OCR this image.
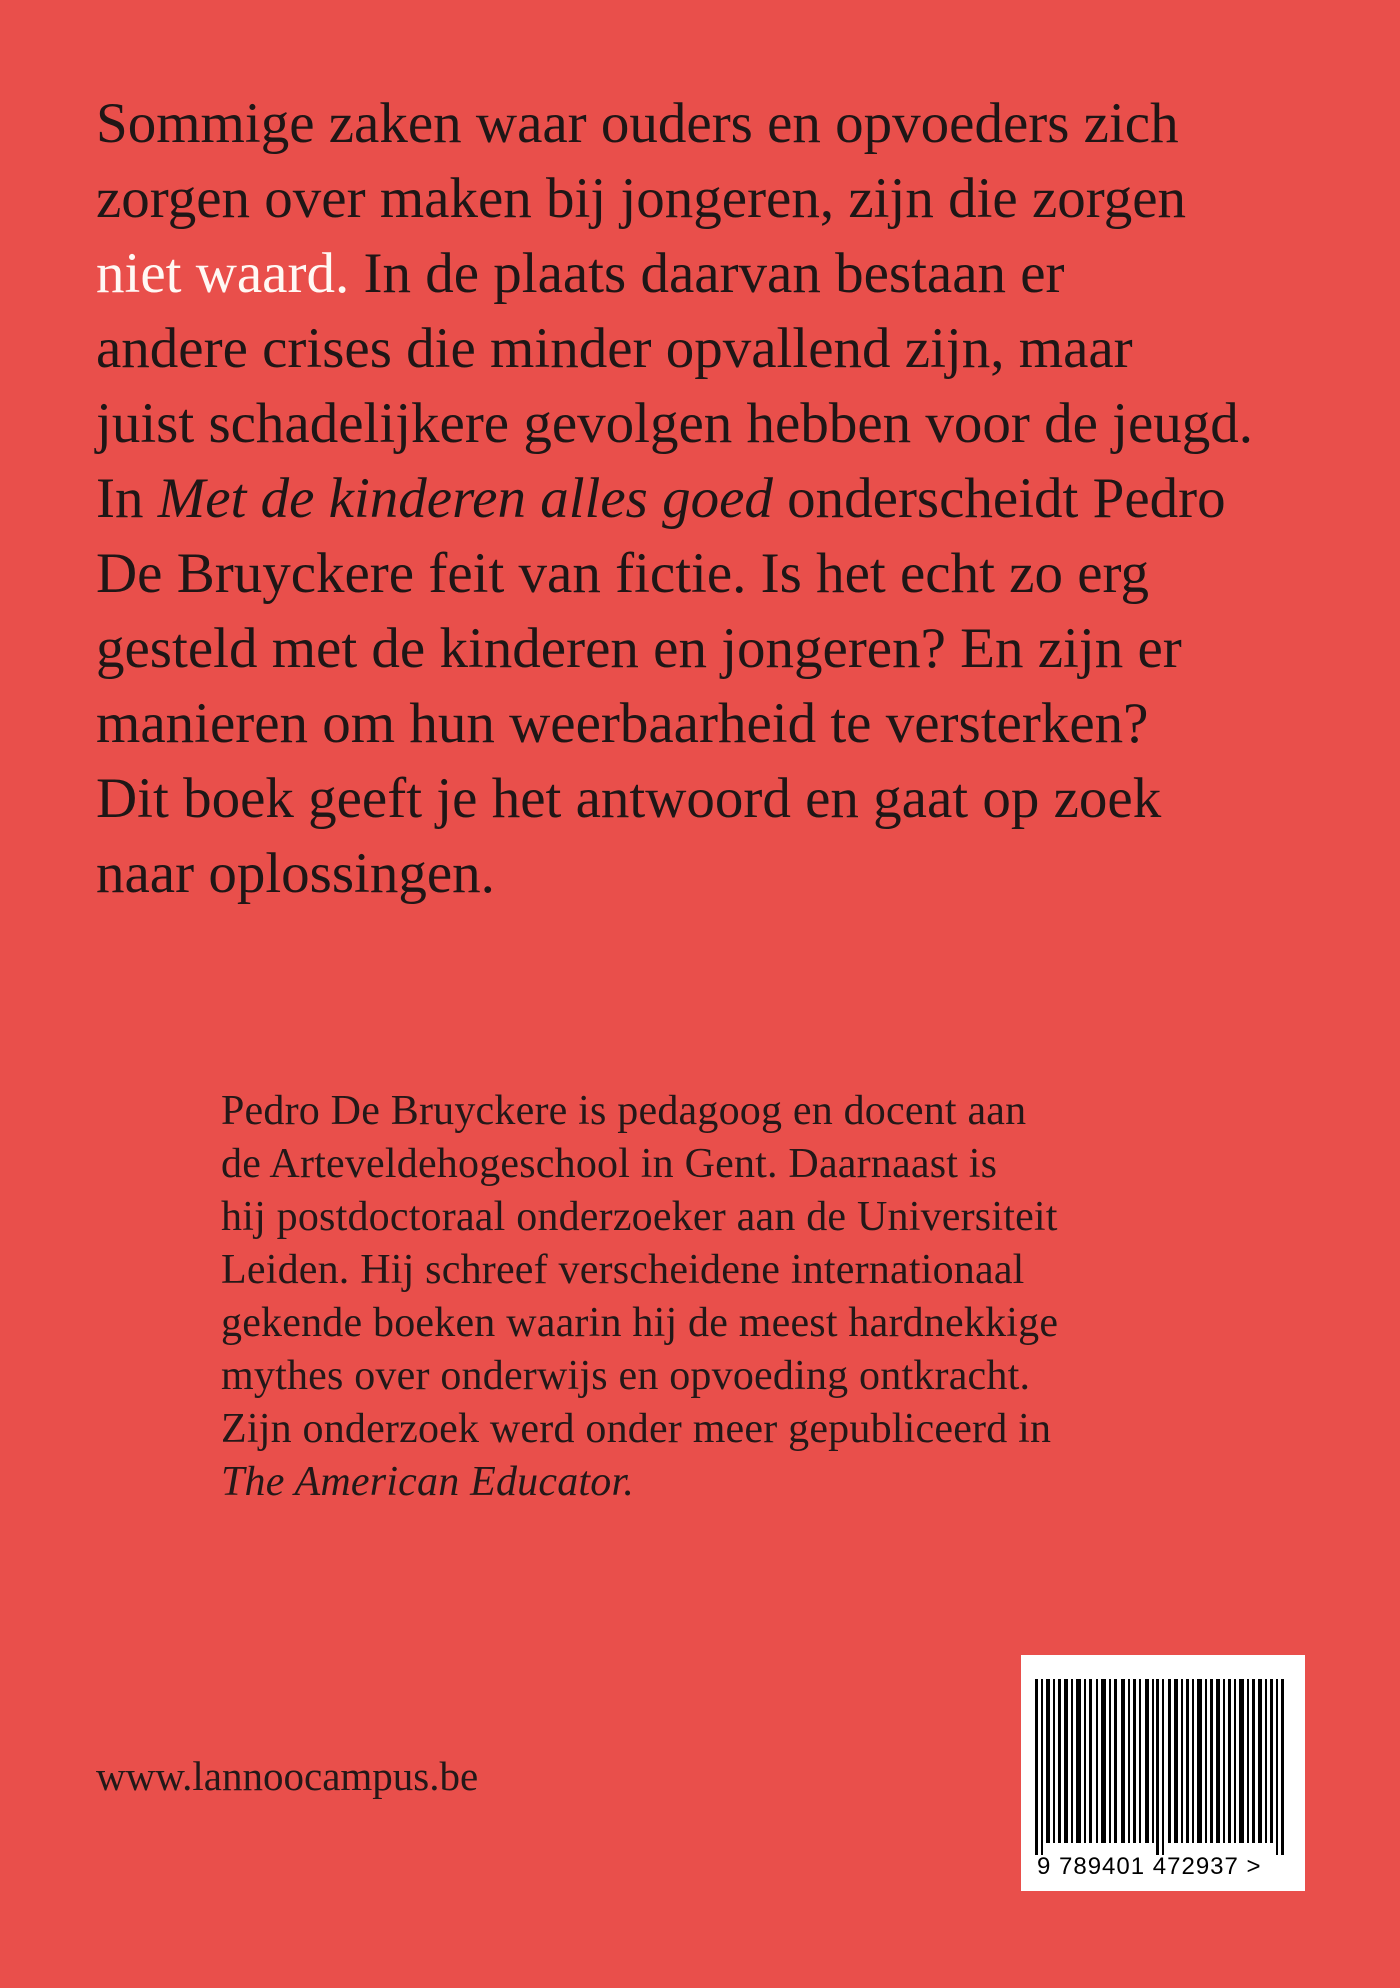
Sommige zaken waar ouders en opvoeders zich
zorgen over maken bij jongeren, zijn die zorgen
niet waard. In de plaats daarvan bestaan er
andere crises die minder opvallend zijn, maar
juist schadelijkere gevolgen hebben voor de jeugd.
In Met de kinderen alles goed onderscheidt Pedro
De Bruyckere feit van fictie. Is het echt zo erg
gesteld met de kinderen en jongeren? En zijn er
manieren om hun weerbaarheid te versterken?
Dit boek geeft je het antwoord en gaat op zoek
naar oplossingen.
Pedro De Bruyckere is pedagoog en docent aan
de Arteveldehogeschool in Gent. Daarnaast is
hij postdoctoraal onderzoeker aan de Universiteit
Leiden. Hij schreef verscheidene internationaal
gekende boeken waarin hij de meest hardnekkige
mythes over onderwijs en opvoeding ontkracht.
Zijn onderzoek werd onder meer gepubliceerd in
The American Educator.
www.lannoocampus.be
9 789401 472937 >
